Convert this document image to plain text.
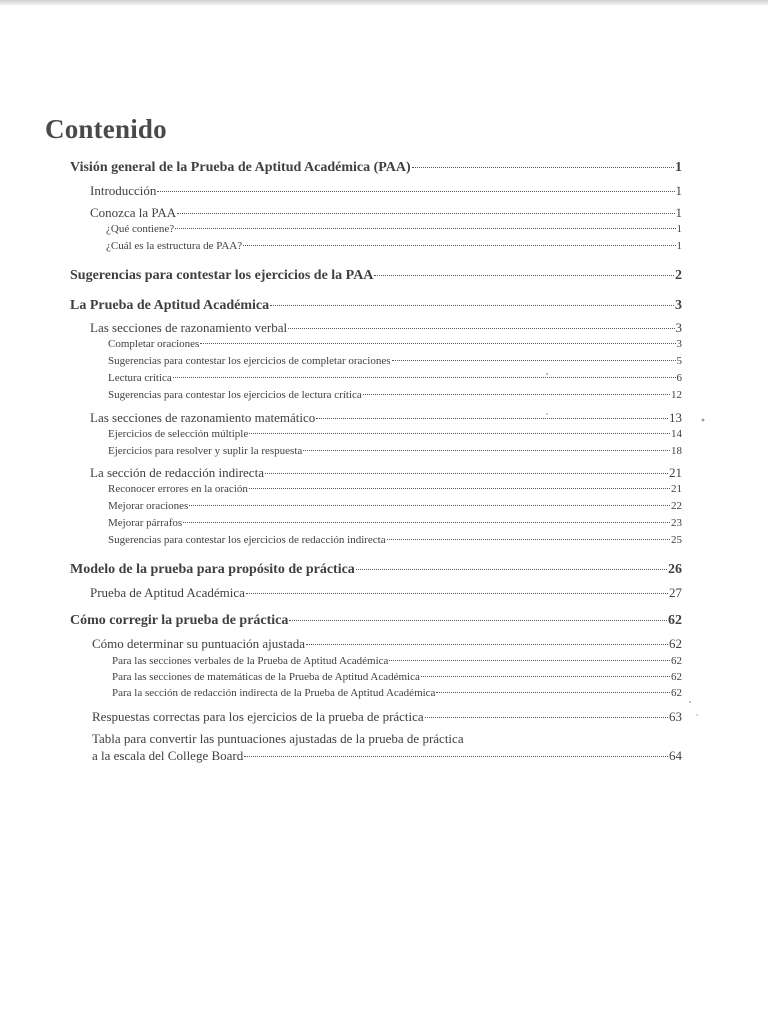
Contenido
Visión general de la Prueba de Aptitud Académica (PAA)	1
Introducción	1
Conozca la PAA	1
¿Qué contiene?	1
¿Cuál es la estructura de PAA?	1
Sugerencias para contestar los ejercicios de la PAA	2
La Prueba de Aptitud Académica	3
Las secciones de razonamiento verbal	3
Completar oraciones	3
Sugerencias para contestar los ejercicios de completar oraciones	5
Lectura crítica	6
Sugerencias para contestar los ejercicios de lectura crítica	12
Las secciones de razonamiento matemático	13
Ejercicios de selección múltiple	14
Ejercicios para resolver y suplir la respuesta	18
La sección de redacción indirecta	21
Reconocer errores en la oración	21
Mejorar oraciones	22
Mejorar párrafos	23
Sugerencias para contestar los ejercicios de redacción indirecta	25
Modelo de la prueba para propósito de práctica	26
Prueba de Aptitud Académica	27
Cómo corregir la prueba de práctica	62
Cómo determinar su puntuación ajustada	62
Para las secciones verbales de la Prueba de Aptitud Académica	62
Para las secciones de matemáticas de la Prueba de Aptitud Académica	62
Para la sección de redacción indirecta de la Prueba de Aptitud Académica	62
Respuestas correctas para los ejercicios de la prueba de práctica	63
Tabla para convertir las puntuaciones ajustadas de la prueba de práctica
a la escala del College Board	64
